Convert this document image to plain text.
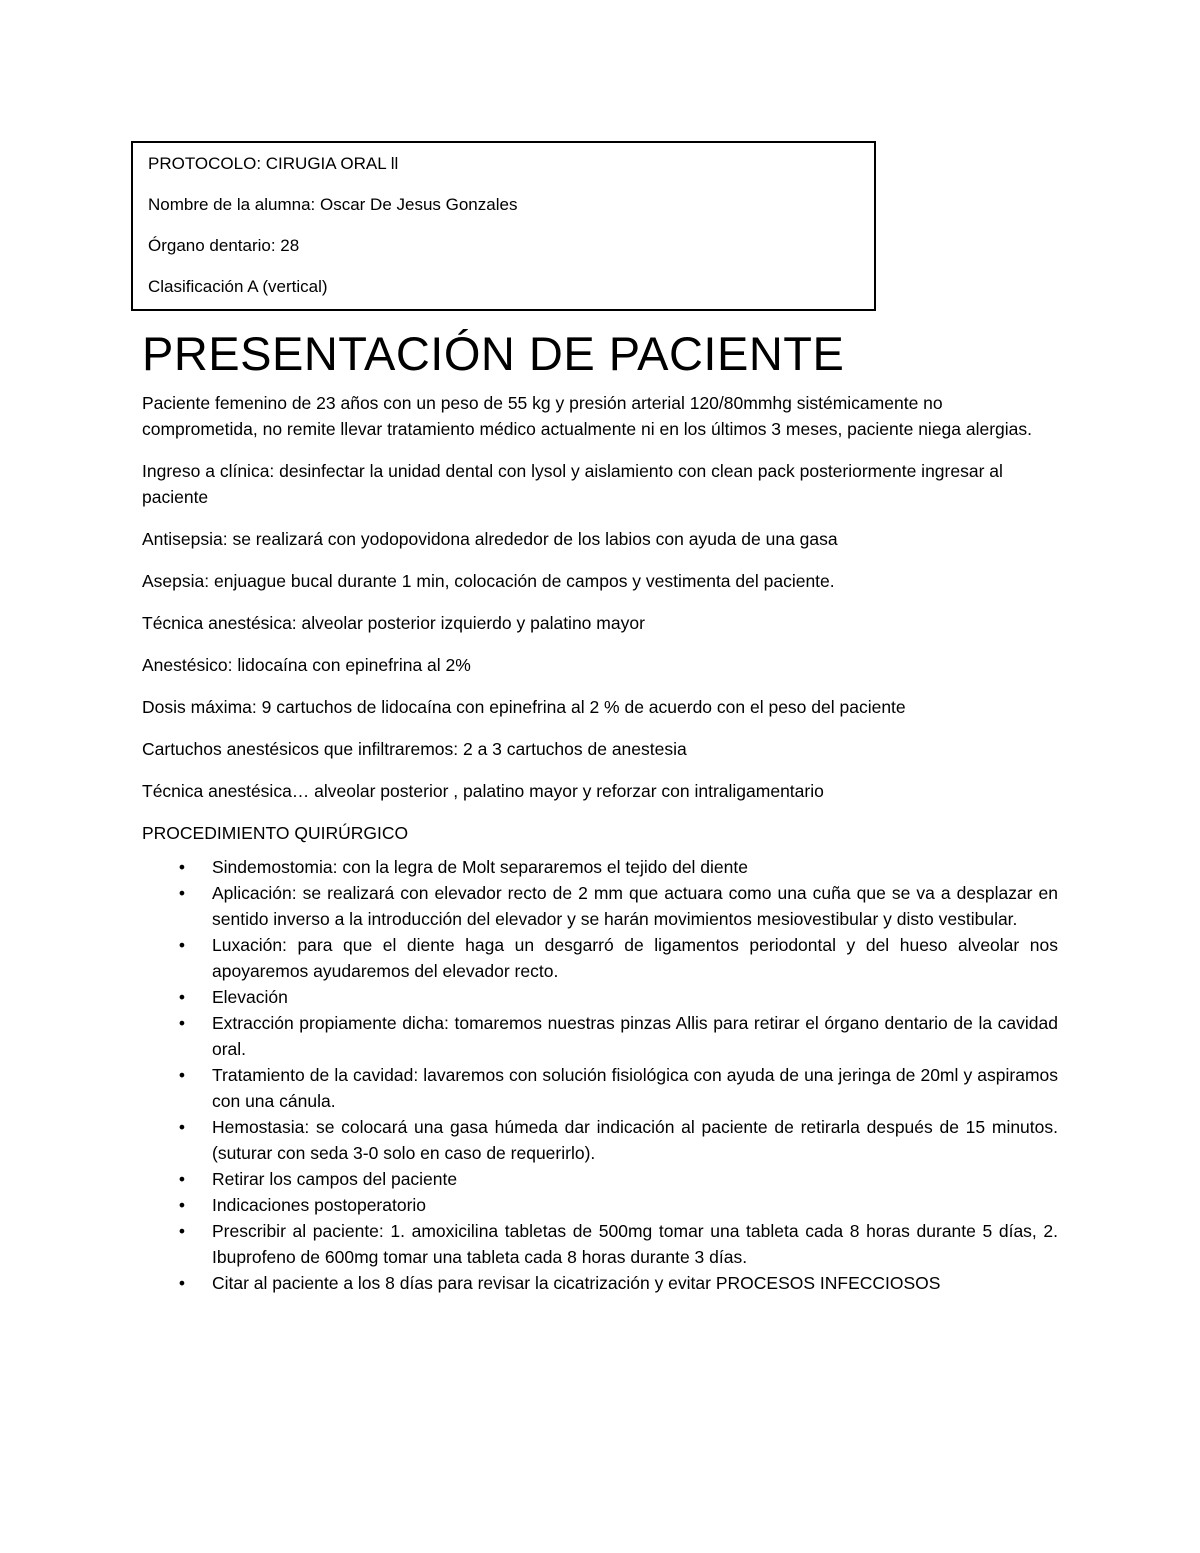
PROTOCOLO: CIRUGIA ORAL ll

Nombre de la alumna: Oscar De Jesus Gonzales

Órgano dentario: 28

Clasificación A (vertical)

PRESENTACIÓN DE PACIENTE

Paciente femenino de 23 años con un peso de 55 kg y presión arterial 120/80mmhg sistémicamente no comprometida, no remite llevar tratamiento médico actualmente ni en los últimos 3 meses, paciente niega alergias.

Ingreso a clínica: desinfectar la unidad dental con lysol y aislamiento con clean pack posteriormente ingresar al paciente

Antisepsia: se realizará con yodopovidona alrededor de los labios con ayuda de una gasa

Asepsia: enjuague bucal durante 1 min, colocación de campos y vestimenta del paciente.

Técnica anestésica: alveolar posterior izquierdo y palatino mayor

Anestésico: lidocaína con epinefrina al 2%

Dosis máxima: 9 cartuchos de lidocaína con epinefrina al 2 % de acuerdo con el peso del paciente

Cartuchos anestésicos que infiltraremos: 2 a 3 cartuchos de anestesia

Técnica anestésica… alveolar posterior , palatino mayor y reforzar con intraligamentario

PROCEDIMIENTO QUIRÚRGICO

• Sindemostomia: con la legra de Molt separaremos el tejido del diente
• Aplicación: se realizará con elevador recto de 2 mm que actuara como una cuña que se va a desplazar en sentido inverso a la introducción del elevador y se harán movimientos mesiovestibular y disto vestibular.
• Luxación: para que el diente haga un desgarró de ligamentos periodontal y del hueso alveolar nos apoyaremos ayudaremos del elevador recto.
• Elevación
• Extracción propiamente dicha: tomaremos nuestras pinzas Allis para retirar el órgano dentario de la cavidad oral.
• Tratamiento de la cavidad: lavaremos con solución fisiológica con ayuda de una jeringa de 20ml y aspiramos con una cánula.
• Hemostasia: se colocará una gasa húmeda dar indicación al paciente de retirarla después de 15 minutos. (suturar con seda 3-0 solo en caso de requerirlo).
• Retirar los campos del paciente
• Indicaciones postoperatorio
• Prescribir al paciente: 1. amoxicilina tabletas de 500mg tomar una tableta cada 8 horas durante 5 días, 2. Ibuprofeno de 600mg tomar una tableta cada 8 horas durante 3 días.
• Citar al paciente a los 8 días para revisar la cicatrización y evitar PROCESOS INFECCIOSOS
